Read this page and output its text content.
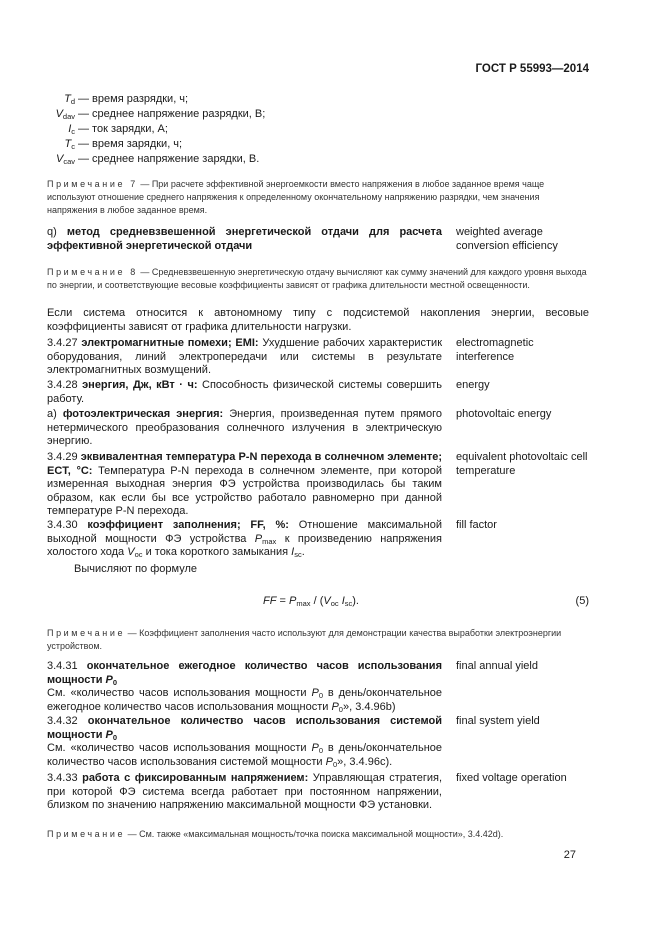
ГОСТ Р 55993—2014
$T_d$ — время разрядки, ч;
$V_{dav}$ — среднее напряжение разрядки, В;
$I_c$ — ток зарядки, А;
$T_c$ — время зарядки, ч;
$V_{cav}$ — среднее напряжение зарядки, В.
Примечание 7 — При расчете эффективной энергоемкости вместо напряжения в любое заданное время чаще используют отношение среднего напряжения к определенному окончательному напряжению разрядки, чем значения напряжения в любое заданное время.
q) метод средневзвешенной энергетической отдачи для расчета эффективной энергетической отдачи
weighted average conversion efficiency
Примечание 8 — Средневзвешенную энергетическую отдачу вычисляют как сумму значений для каждого уровня выхода по энергии, и соответствующие весовые коэффициенты зависят от графика длительности местной освещенности.
Если система относится к автономному типу с подсистемой накопления энергии, весовые коэффициенты зависят от графика длительности нагрузки.
3.4.27 электромагнитные помехи; EMI: Ухудшение рабочих характеристик оборудования, линий электропередачи или системы в результате электромагнитных возмущений.
electromagnetic interference
3.4.28 энергия, Дж, кВт · ч: Способность физической системы совершить работу.
energy
а) фотоэлектрическая энергия: Энергия, произведенная путем прямого нетермического преобразования солнечного излучения в электрическую энергию.
photovoltaic energy
3.4.29 эквивалентная температура P-N перехода в солнечном элементе; ECT, °C: Температура P-N перехода в солнечном элементе, при которой измеренная выходная энергия ФЭ устройства производилась бы таким образом, как если бы все устройство работало равномерно при данной температуре P-N перехода.
equivalent photovoltaic cell temperature
3.4.30 коэффициент заполнения; FF, %: Отношение максимальной выходной мощности ФЭ устройства $P_{max}$ к произведению напряжения холостого хода $V_{oc}$ и тока короткого замыкания $I_{sc}$.
fill factor
Вычисляют по формуле
FF = $P_{max} / (V_{oc}$ $I_{sc}$).	(5)
Примечание — Коэффициент заполнения часто используют для демонстрации качества выработки электроэнергии устройством.
3.4.31 окончательное ежегодное количество часов использования мощности $P_0$
См. «количество часов использования мощности $P_0$ в день/окончательное ежегодное количество часов использования мощности $P_0$», 3.4.96b)
final annual yield
3.4.32 окончательное количество часов использования системой мощности $P_0$
См. «количество часов использования мощности $P_0$ в день/окончательное количество часов использования системой мощности $P_0$», 3.4.96c).
final system yield
3.4.33 работа с фиксированным напряжением: Управляющая стратегия, при которой ФЭ система всегда работает при постоянном напряжении, близком по значению напряжению максимальной мощности ФЭ установки.
fixed voltage operation
Примечание — См. также «максимальная мощность/точка поиска максимальной мощности», 3.4.42d).
27
